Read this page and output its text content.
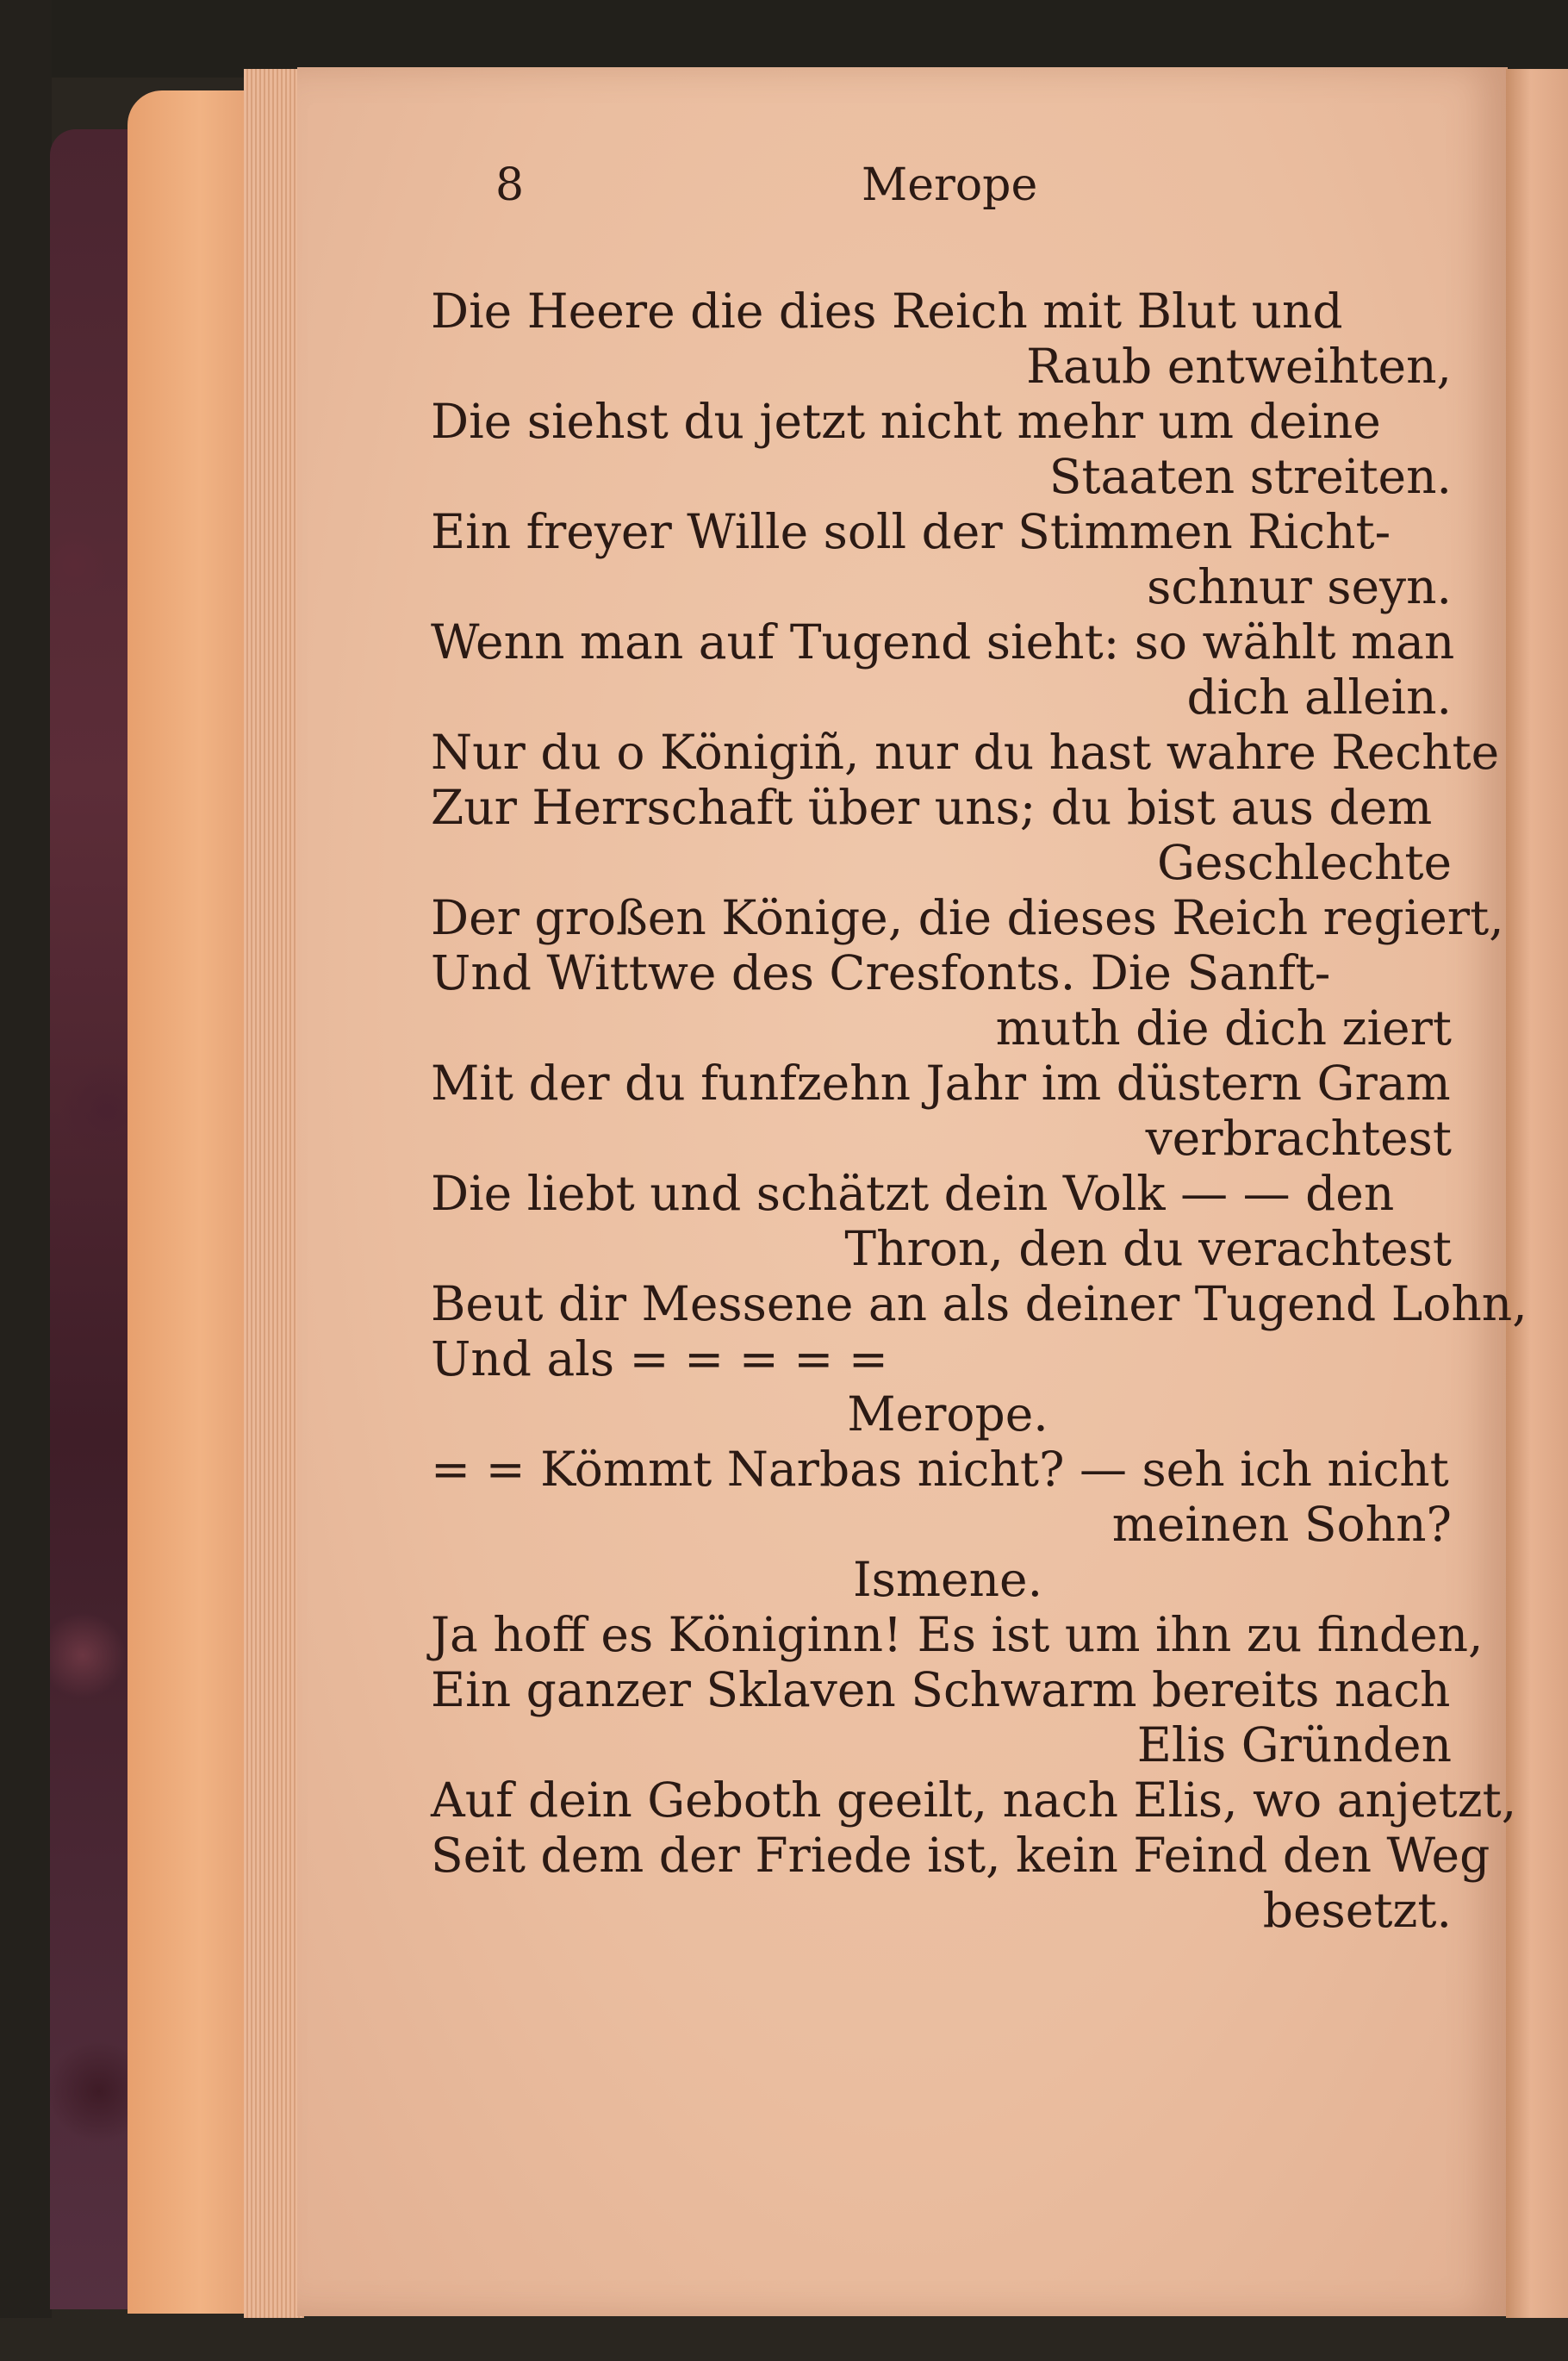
8	Merope
Die Heere die dies Reich mit Blut und
Raub entweihten,
Die siehst du jetzt nicht mehr um deine
Staaten streiten.
Ein freyer Wille soll der Stimmen Richt-
schnur seyn.
Wenn man auf Tugend sieht: so wählt man
dich allein.
Nur du o Königiñ, nur du hast wahre Rechte
Zur Herrschaft über uns; du bist aus dem
Geschlechte
Der großen Könige, die dieses Reich regiert,
Und Wittwe des Cresfonts. Die Sanft-
muth die dich ziert
Mit der du funfzehn Jahr im düstern Gram
verbrachtest
Die liebt und schätzt dein Volk — — den
Thron, den du verachtest
Beut dir Messene an als deiner Tugend Lohn,
Und als = = = = =
Merope.
= = Kömmt Narbas nicht? — seh ich nicht
meinen Sohn?
Ismene.
Ja hoff es Königinn! Es ist um ihn zu finden,
Ein ganzer Sklaven Schwarm bereits nach
Elis Gründen
Auf dein Geboth geeilt, nach Elis, wo anjetzt,
Seit dem der Friede ist, kein Feind den Weg
besetzt.
